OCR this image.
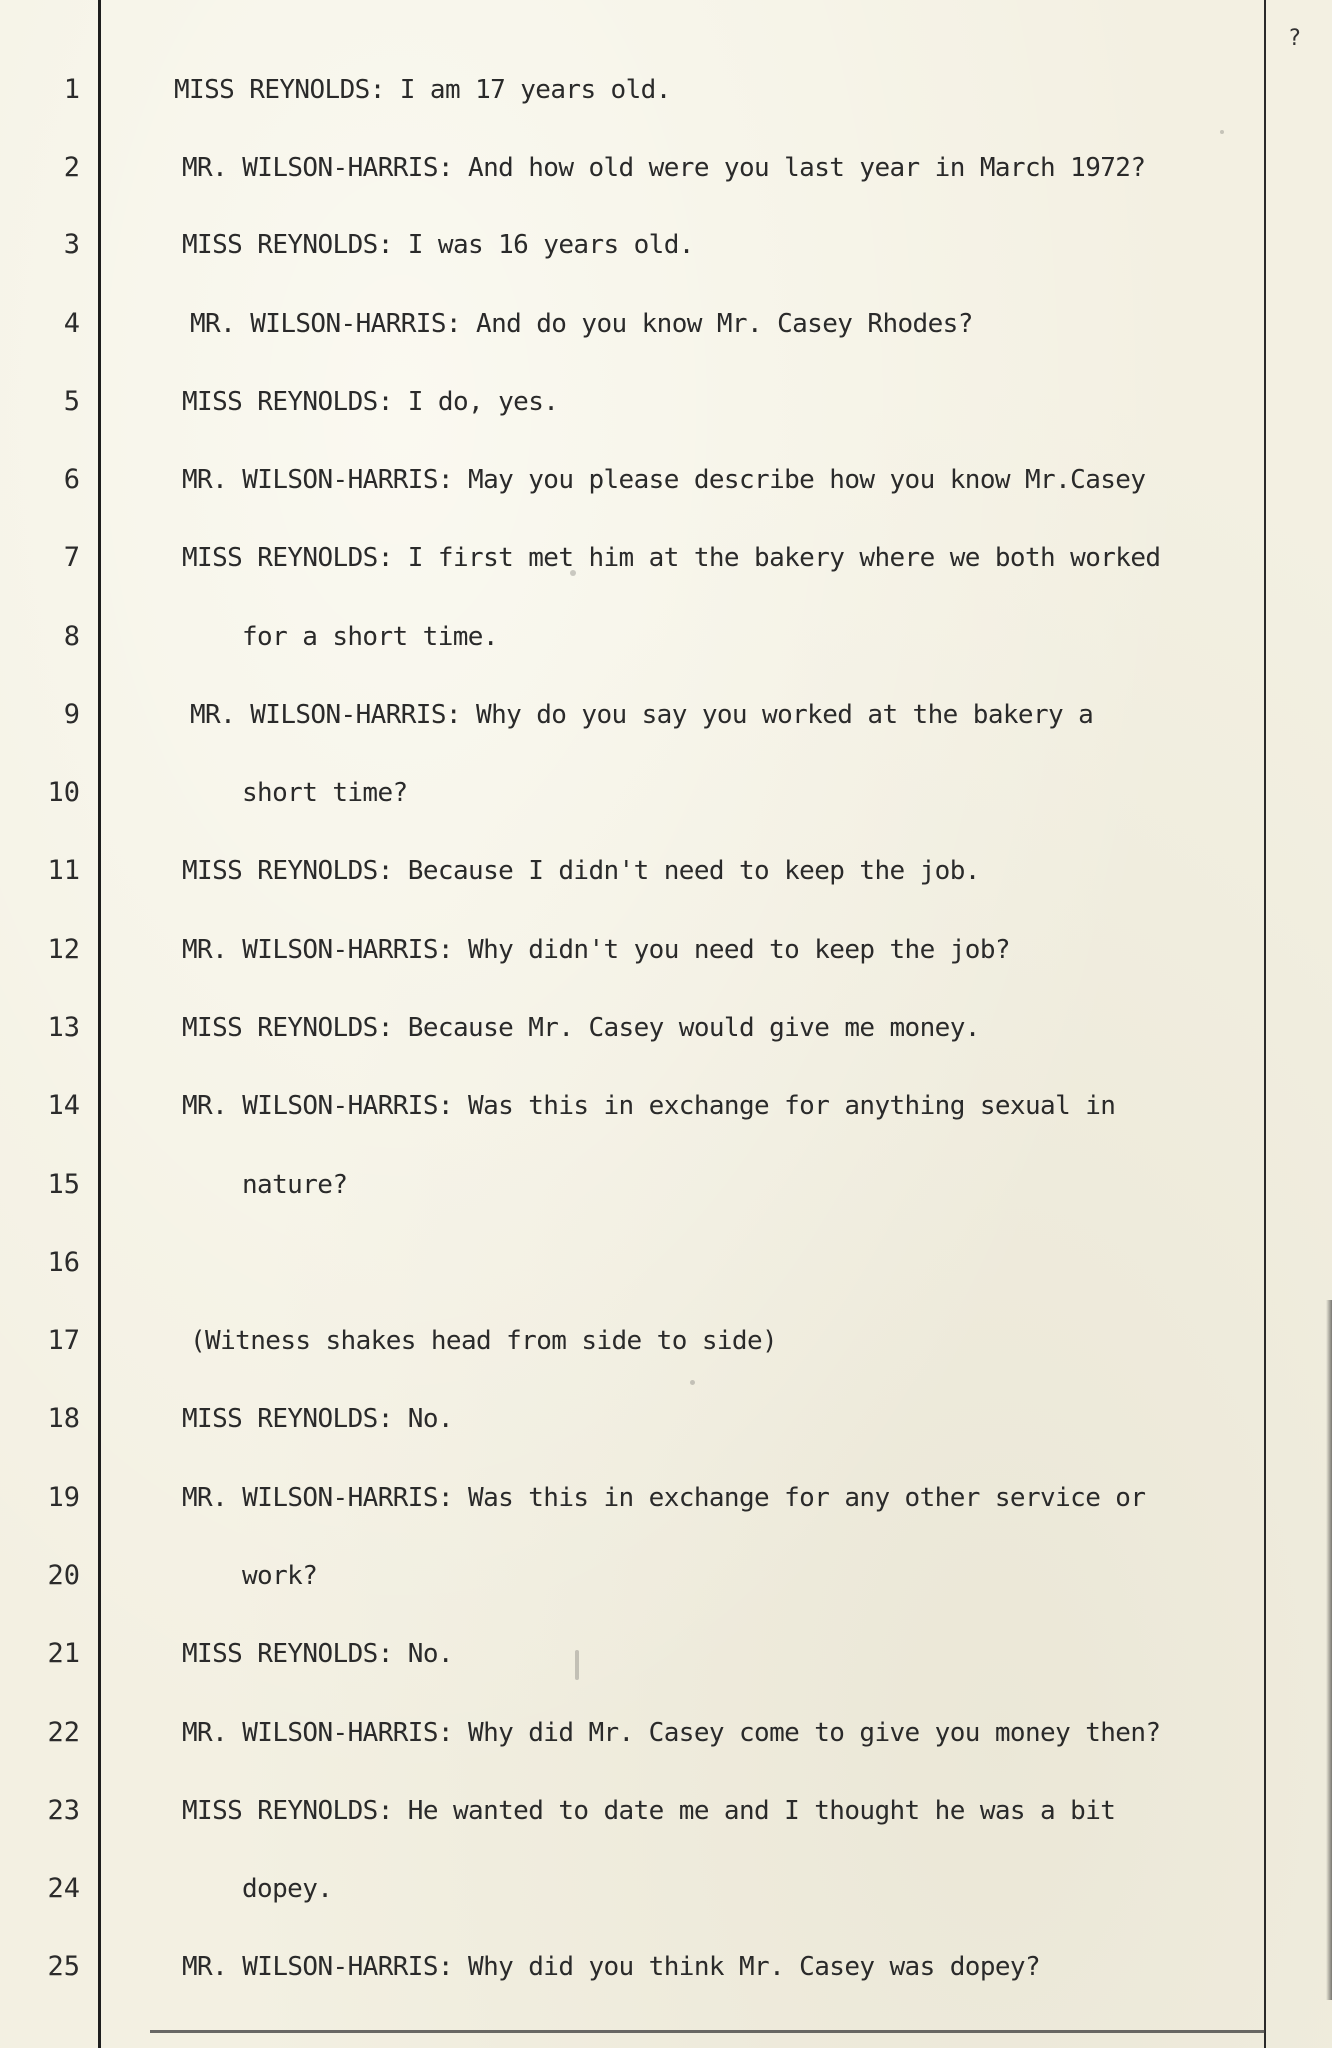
?
1	MISS REYNOLDS: I am 17 years old.
2	MR. WILSON-HARRIS: And how old were you last year in March 1972?
3	MISS REYNOLDS: I was 16 years old.
4	MR. WILSON-HARRIS: And do you know Mr. Casey Rhodes?
5	MISS REYNOLDS: I do, yes.
6	MR. WILSON-HARRIS: May you please describe how you know Mr.Casey
7	MISS REYNOLDS: I first met him at the bakery where we both worked
8	for a short time.
9	MR. WILSON-HARRIS: Why do you say you worked at the bakery a
10	short time?
11	MISS REYNOLDS: Because I didn't need to keep the job.
12	MR. WILSON-HARRIS: Why didn't you need to keep the job?
13	MISS REYNOLDS: Because Mr. Casey would give me money.
14	MR. WILSON-HARRIS: Was this in exchange for anything sexual in
15	nature?
16
17	(Witness shakes head from side to side)
18	MISS REYNOLDS: No.
19	MR. WILSON-HARRIS: Was this in exchange for any other service or
20	work?
21	MISS REYNOLDS: No.
22	MR. WILSON-HARRIS: Why did Mr. Casey come to give you money then?
23	MISS REYNOLDS: He wanted to date me and I thought he was a bit
24	dopey.
25	MR. WILSON-HARRIS: Why did you think Mr. Casey was dopey?
